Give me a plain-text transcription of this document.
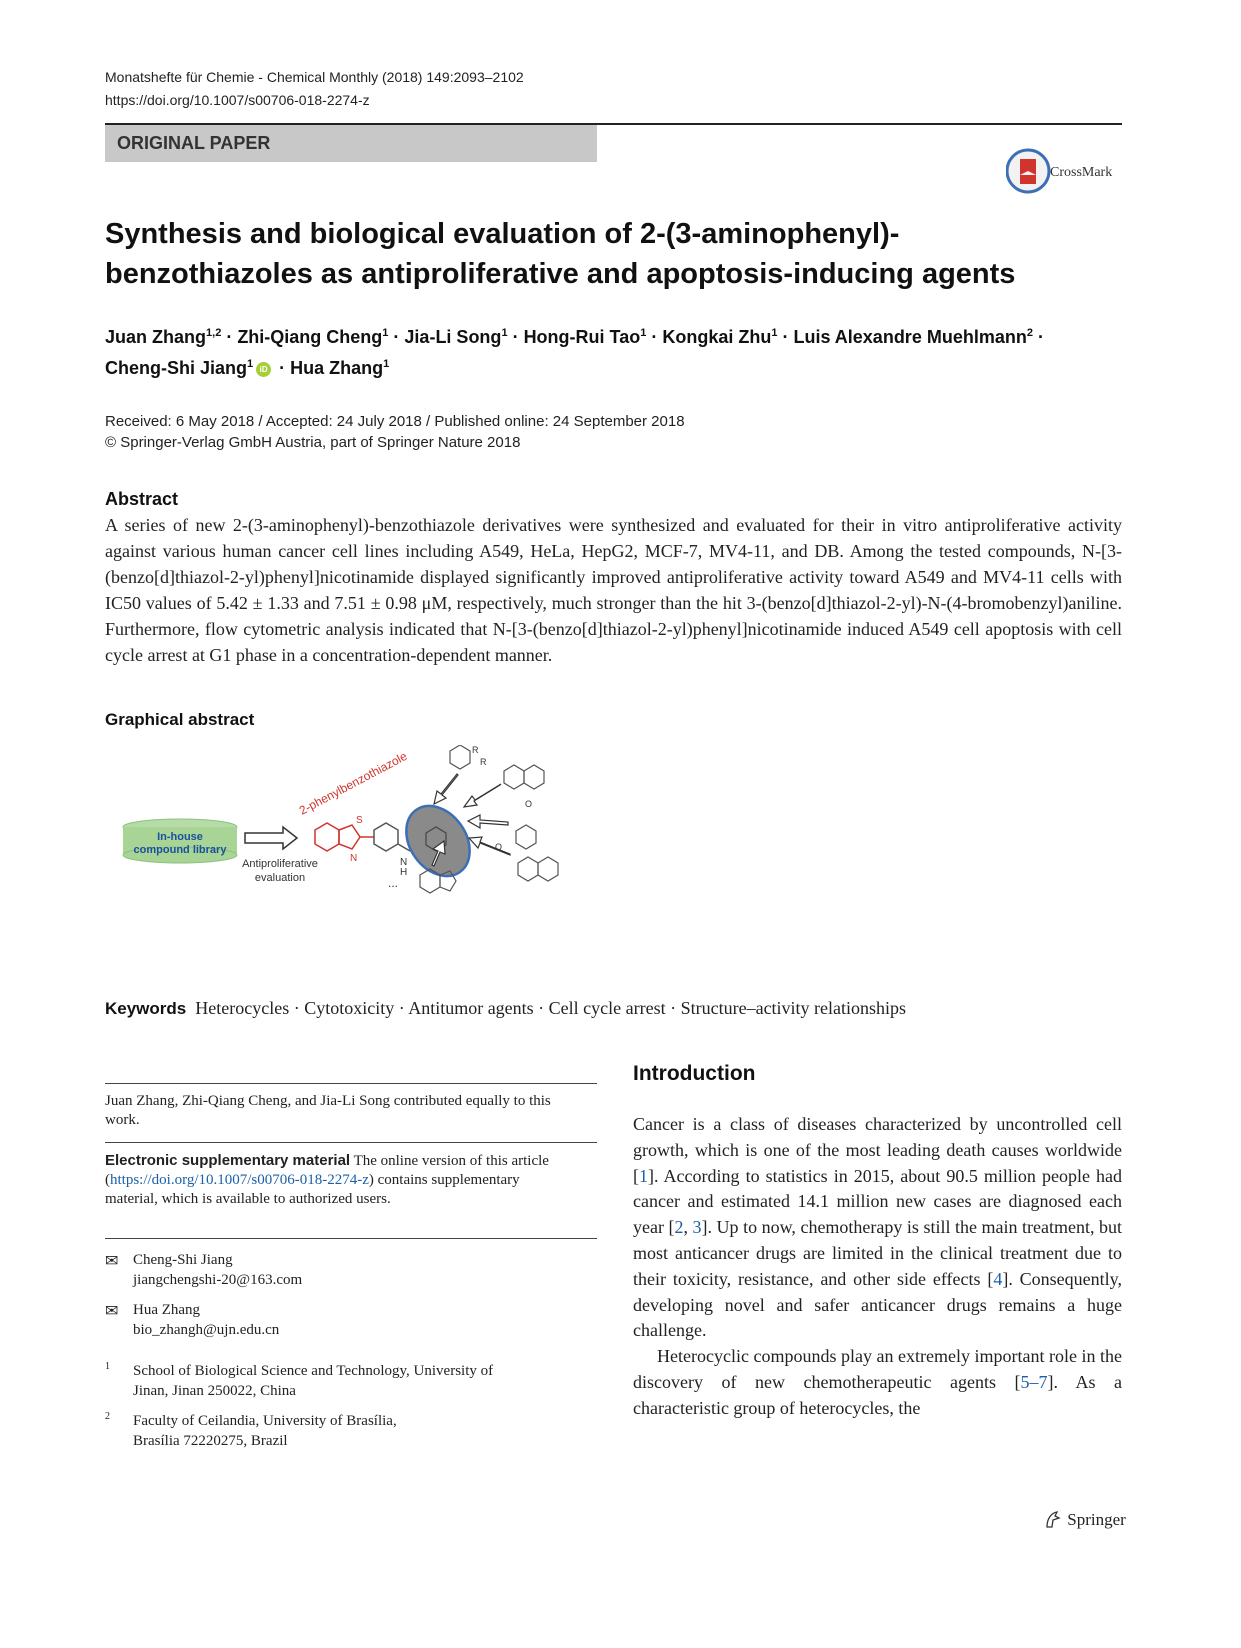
Monatshefte für Chemie - Chemical Monthly (2018) 149:2093–2102
https://doi.org/10.1007/s00706-018-2274-z
ORIGINAL PAPER
CrossMark
Synthesis and biological evaluation of 2-(3-aminophenyl)-
benzothiazoles as antiproliferative and apoptosis-inducing agents
Juan Zhang$^{1,2}$ · Zhi-Qiang Cheng$^1$ · Jia-Li Song$^1$ · Hong-Rui Tao$^1$ · Kongkai Zhu$^1$ · Luis Alexandre Muehlmann$^2$ ·
Cheng-Shi Jiang$^1$ iD · Hua Zhang$^1$
Received: 6 May 2018 / Accepted: 24 July 2018 / Published online: 24 September 2018
© Springer-Verlag GmbH Austria, part of Springer Nature 2018
Abstract
A series of new 2-(3-aminophenyl)-benzothiazole derivatives were synthesized and evaluated for their in vitro antiproliferative activity against various human cancer cell lines including A549, HeLa, HepG2, MCF-7, MV4-11, and DB. Among the tested compounds, N-[3-(benzo[d]thiazol-2-yl)phenyl]nicotinamide displayed significantly improved antiproliferative activity toward A549 and MV4-11 cells with IC50 values of 5.42 ± 1.33 and 7.51 ± 0.98 μM, respectively, much stronger than the hit 3-(benzo[d]thiazol-2-yl)-N-(4-bromobenzyl)aniline. Furthermore, flow cytometric analysis indicated that N-[3-(benzo[d]thiazol-2-yl)phenyl]nicotinamide induced A549 cell apoptosis with cell cycle arrest at G1 phase in a concentration-dependent manner.
Graphical abstract
In-house
compound library
Antiproliferative
evaluation
S
N
2-phenylbenzothiazole
N
H
R
R
O
O
...
Keywords Heterocycles · Cytotoxicity · Antitumor agents · Cell cycle arrest · Structure–activity relationships
Juan Zhang, Zhi-Qiang Cheng, and Jia-Li Song contributed equally to this work.
Electronic supplementary material The online version of this article (https://doi.org/10.1007/s00706-018-2274-z) contains supplementary material, which is available to authorized users.
✉ Cheng-Shi Jiang
jiangchengshi-20@163.com
✉ Hua Zhang
bio_zhangh@ujn.edu.cn
1 School of Biological Science and Technology, University of
Jinan, Jinan 250022, China
2 Faculty of Ceilandia, University of Brasília,
Brasília 72220275, Brazil
Introduction

Cancer is a class of diseases characterized by uncontrolled cell growth, which is one of the most leading death causes worldwide [1]. According to statistics in 2015, about 90.5 million people had cancer and estimated 14.1 million new cases are diagnosed each year [2, 3]. Up to now, chemotherapy is still the main treatment, but most anticancer drugs are limited in the clinical treatment due to their toxicity, resistance, and other side effects [4]. Consequently, developing novel and safer anticancer drugs remains a huge challenge.

Heterocyclic compounds play an extremely important role in the discovery of new chemotherapeutic agents [5–7]. As a characteristic group of heterocycles, the

Springer
